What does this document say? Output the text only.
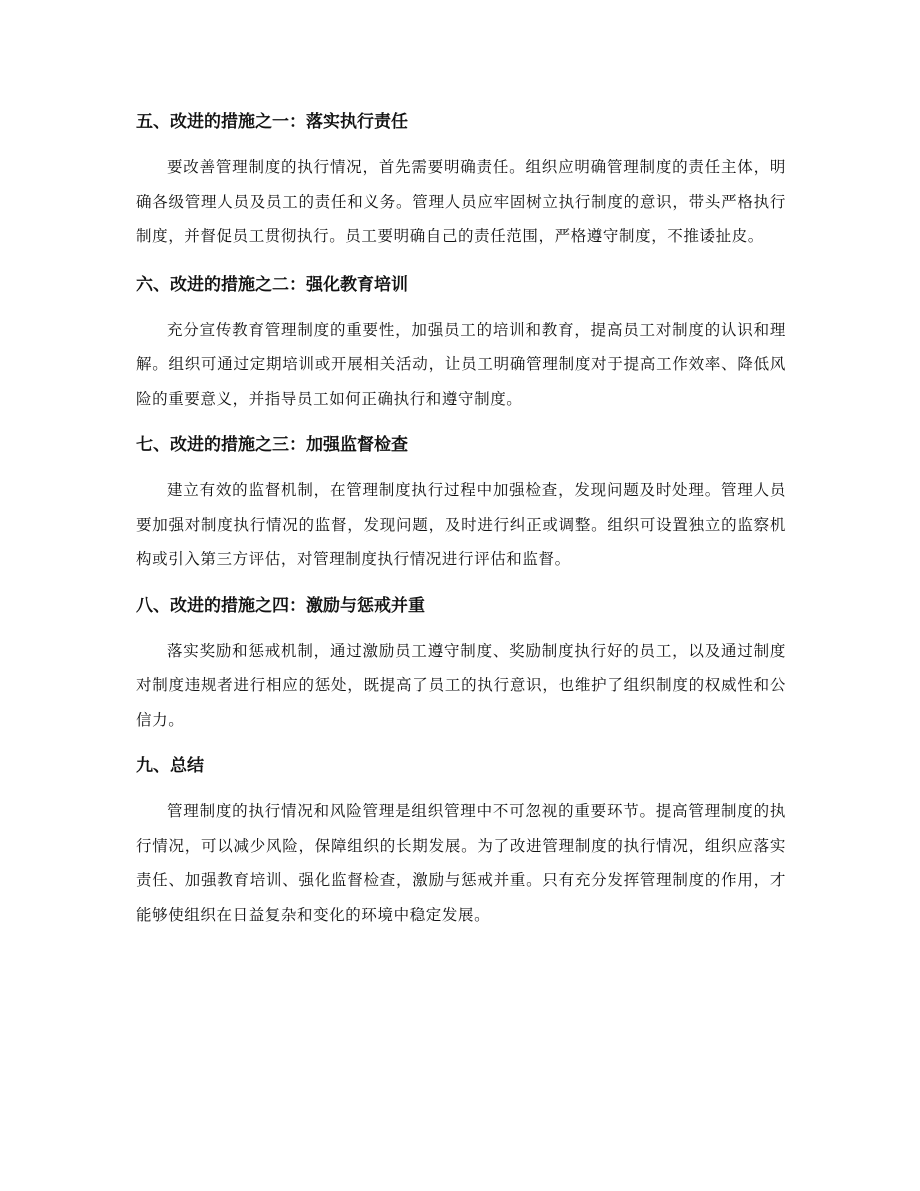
五、改进的措施之一：落实执行责任

要改善管理制度的执行情况，首先需要明确责任。组织应明确管理制度的责任主体，明确各级管理人员及员工的责任和义务。管理人员应牢固树立执行制度的意识，带头严格执行制度，并督促员工贯彻执行。员工要明确自己的责任范围，严格遵守制度，不推诿扯皮。

六、改进的措施之二：强化教育培训

充分宣传教育管理制度的重要性，加强员工的培训和教育，提高员工对制度的认识和理解。组织可通过定期培训或开展相关活动，让员工明确管理制度对于提高工作效率、降低风险的重要意义，并指导员工如何正确执行和遵守制度。

七、改进的措施之三：加强监督检查

建立有效的监督机制，在管理制度执行过程中加强检查，发现问题及时处理。管理人员要加强对制度执行情况的监督，发现问题，及时进行纠正或调整。组织可设置独立的监察机构或引入第三方评估，对管理制度执行情况进行评估和监督。

八、改进的措施之四：激励与惩戒并重

落实奖励和惩戒机制，通过激励员工遵守制度、奖励制度执行好的员工，以及通过制度对制度违规者进行相应的惩处，既提高了员工的执行意识，也维护了组织制度的权威性和公信力。

九、总结

管理制度的执行情况和风险管理是组织管理中不可忽视的重要环节。提高管理制度的执行情况，可以减少风险，保障组织的长期发展。为了改进管理制度的执行情况，组织应落实责任、加强教育培训、强化监督检查，激励与惩戒并重。只有充分发挥管理制度的作用，才能够使组织在日益复杂和变化的环境中稳定发展。
